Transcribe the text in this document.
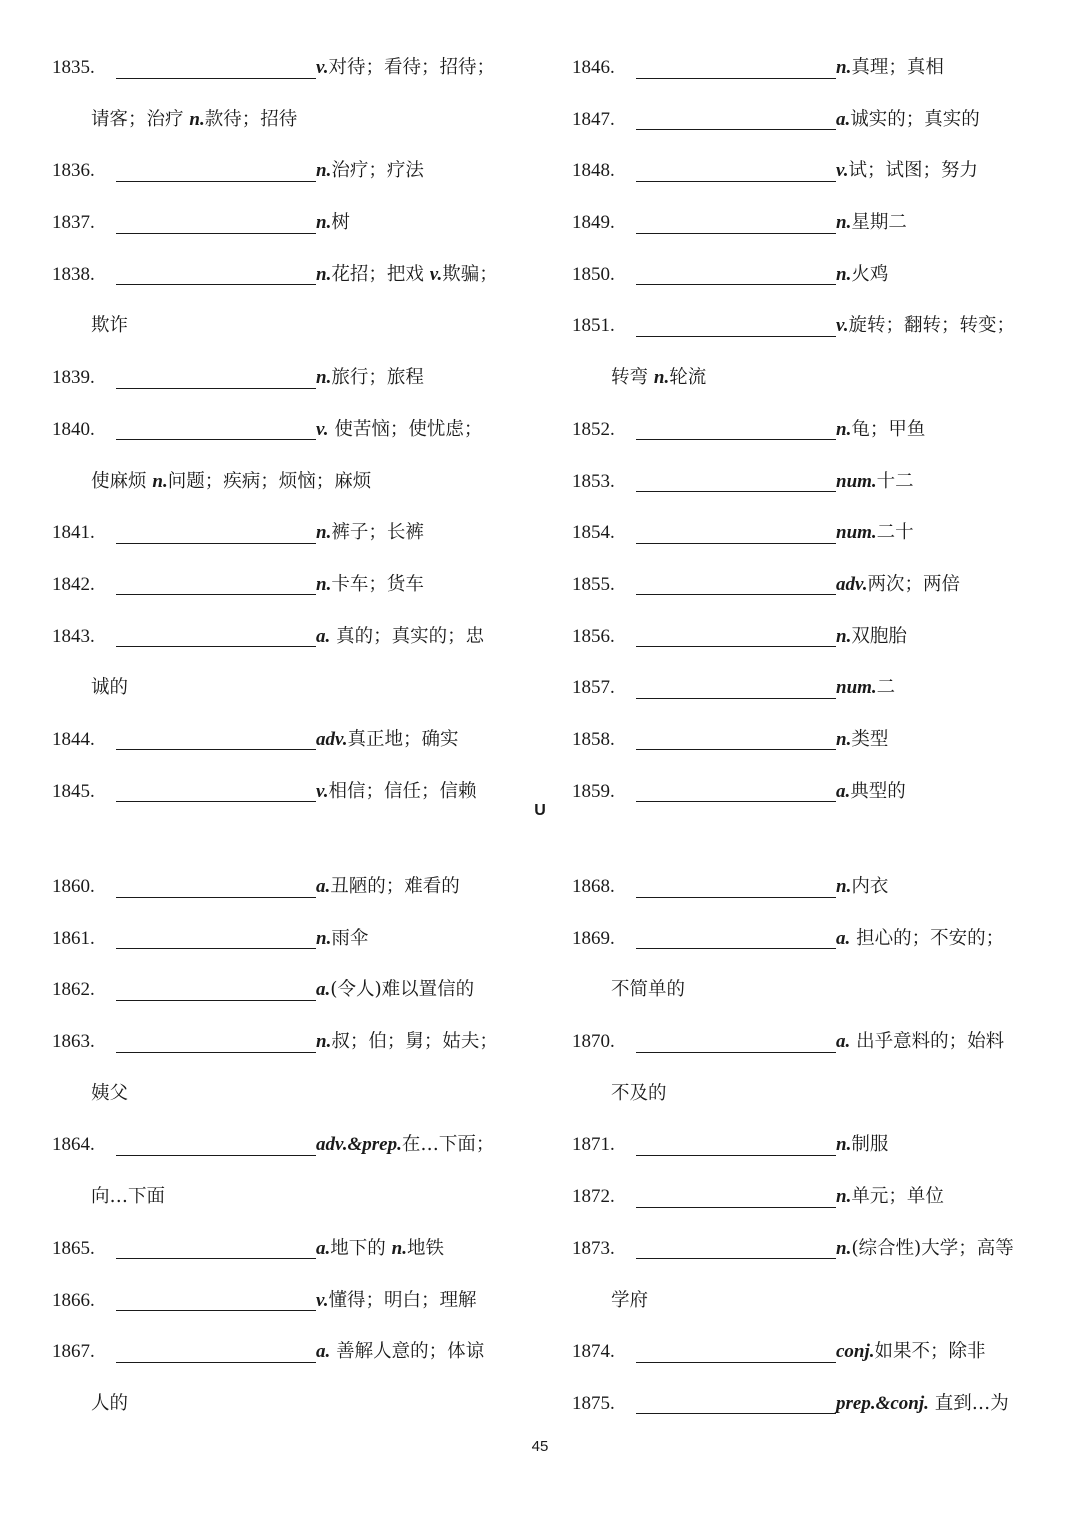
1835.	v.对待；看待；招待；
请客；治疗 n.款待；招待
1836.	n.治疗；疗法
1837.	n.树
1838.	n.花招；把戏 v.欺骗；
欺诈
1839.	n.旅行；旅程
1840.	v. 使苦恼；使忧虑；
使麻烦 n.问题；疾病；烦恼；麻烦
1841.	n.裤子；长裤
1842.	n.卡车；货车
1843.	a. 真的；真实的；忠
诚的
1844.	adv.真正地；确实
1845.	v.相信；信任；信赖
1846.	n.真理；真相
1847.	a.诚实的；真实的
1848.	v.试；试图；努力
1849.	n.星期二
1850.	n.火鸡
1851.	v.旋转；翻转；转变；
转弯 n.轮流
1852.	n.龟；甲鱼
1853.	num.十二
1854.	num.二十
1855.	adv.两次；两倍
1856.	n.双胞胎
1857.	num.二
1858.	n.类型
1859.	a.典型的
U
1860.	a.丑陋的；难看的
1861.	n.雨伞
1862.	a.(令人)难以置信的
1863.	n.叔；伯；舅；姑夫；
姨父
1864.	adv.&prep.在…下面；
向…下面
1865.	a.地下的 n.地铁
1866.	v.懂得；明白；理解
1867.	a. 善解人意的；体谅
人的
1868.	n.内衣
1869.	a. 担心的；不安的；
不简单的
1870.	a. 出乎意料的；始料
不及的
1871.	n.制服
1872.	n.单元；单位
1873.	n.(综合性)大学；高等
学府
1874.	conj.如果不；除非
1875.	prep.&conj. 直到…为
45
